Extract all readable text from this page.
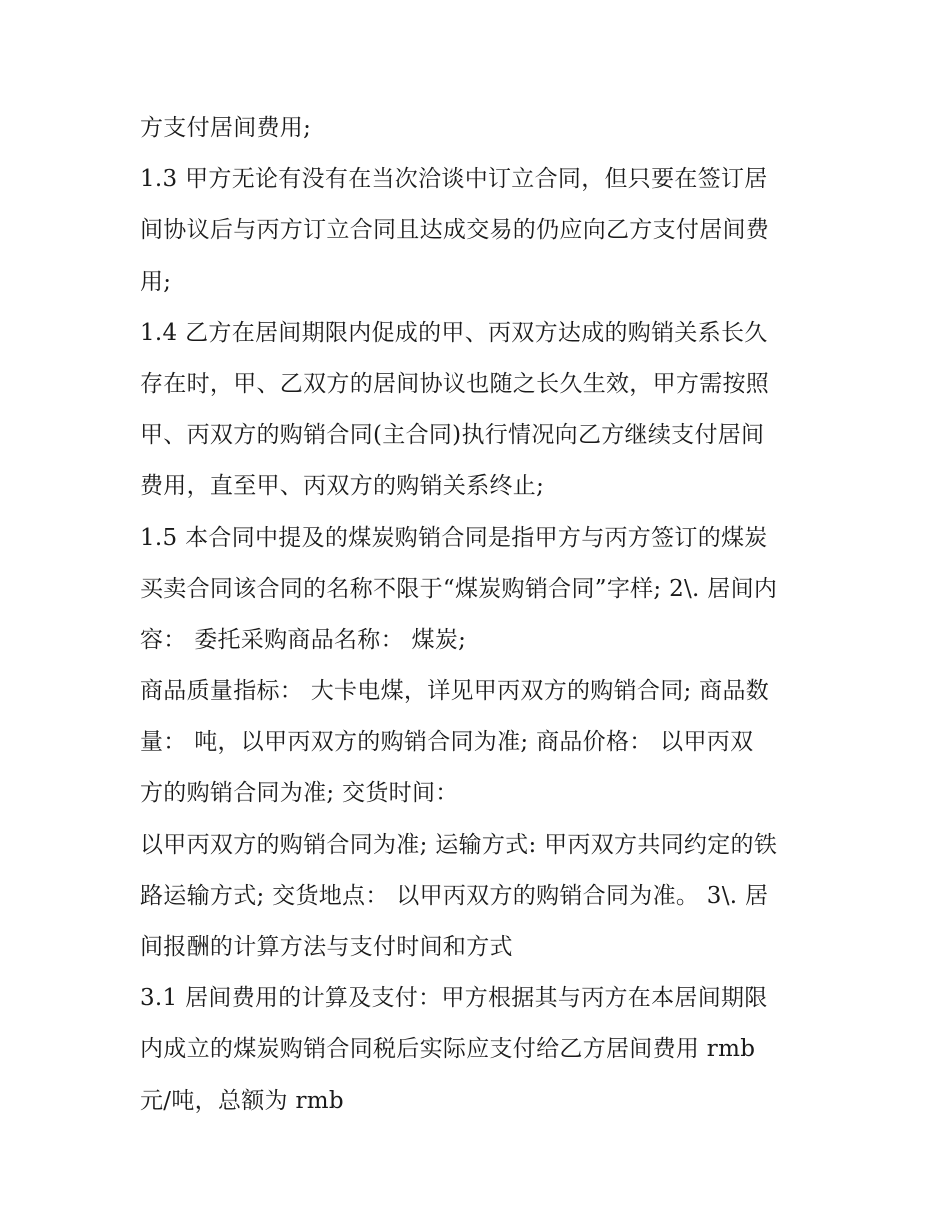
方支付居间费用;
1.3 甲方无论有没有在当次洽谈中订立合同，但只要在签订居
间协议后与丙方订立合同且达成交易的仍应向乙方支付居间费
用;
1.4 乙方在居间期限内促成的甲、丙双方达成的购销关系长久
存在时，甲、乙双方的居间协议也随之长久生效，甲方需按照
甲、丙双方的购销合同(主合同)执行情况向乙方继续支付居间
费用，直至甲、丙双方的购销关系终止;
1.5 本合同中提及的煤炭购销合同是指甲方与丙方签订的煤炭
买卖合同该合同的名称不限于“煤炭购销合同”字样; 2\. 居间内
容： 委托采购商品名称： 煤炭;
商品质量指标： 大卡电煤，详见甲丙双方的购销合同; 商品数
量： 吨，以甲丙双方的购销合同为准; 商品价格： 以甲丙双
方的购销合同为准; 交货时间：
以甲丙双方的购销合同为准; 运输方式: 甲丙双方共同约定的铁
路运输方式; 交货地点： 以甲丙双方的购销合同为准。 3\. 居
间报酬的计算方法与支付时间和方式
3.1 居间费用的计算及支付：甲方根据其与丙方在本居间期限
内成立的煤炭购销合同税后实际应支付给乙方居间费用 rmb
元/吨，总额为 rmb
